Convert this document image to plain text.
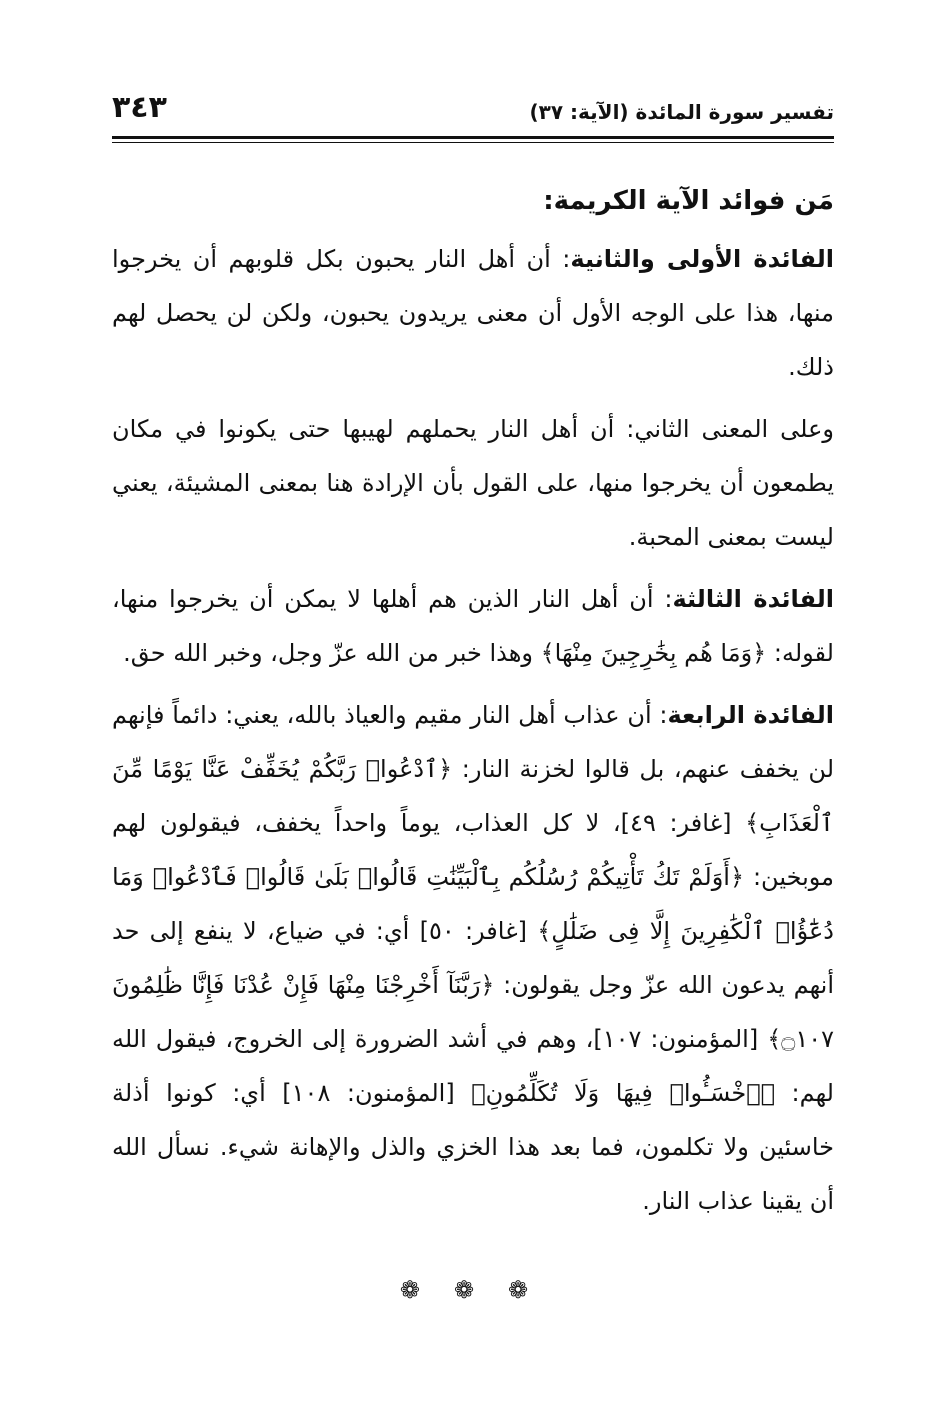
تفسير سورة المائدة (الآية: ٣٧)
٣٤٣
مَن فوائد الآية الكريمة:

الفائدة الأولى والثانية: أن أهل النار يحبون بكل قلوبهم أن يخرجوا منها، هذا على الوجه الأول أن معنى يريدون يحبون، ولكن لن يحصل لهم ذلك.

وعلى المعنى الثاني: أن أهل النار يحملهم لهيبها حتى يكونوا في مكان يطمعون أن يخرجوا منها، على القول بأن الإرادة هنا بمعنى المشيئة، يعني ليست بمعنى المحبة.

الفائدة الثالثة: أن أهل النار الذين هم أهلها لا يمكن أن يخرجوا منها، لقوله: ﴿وَمَا هُم بِخَٰرِجِينَ مِنْهَا﴾ وهذا خبر من الله عزّ وجل، وخبر الله حق.

الفائدة الرابعة: أن عذاب أهل النار مقيم والعياذ بالله، يعني: دائماً فإنهم لن يخفف عنهم، بل قالوا لخزنة النار: ﴿ٱدْعُوا۟ رَبَّكُمْ يُخَفِّفْ عَنَّا يَوْمًا مِّنَ ٱلْعَذَابِ﴾ [غافر: ٤٩]، لا كل العذاب، يوماً واحداً يخفف، فيقولون لهم موبخين: ﴿أَوَلَمْ تَكُ تَأْتِيكُمْ رُسُلُكُم بِٱلْبَيِّنَٰتِ قَالُوا۟ بَلَىٰ قَالُوا۟ فَٱدْعُوا۟ وَمَا دُعَٰٓؤُا۟ ٱلْكَٰفِرِينَ إِلَّا فِى ضَلَٰلٍ﴾ [غافر: ٥٠] أي: في ضياع، لا ينفع إلى حد أنهم يدعون الله عزّ وجل يقولون: ﴿رَبَّنَآ أَخْرِجْنَا مِنْهَا فَإِنْ عُدْنَا فَإِنَّا ظَٰلِمُونَ ۝١٠٧﴾ [المؤمنون: ١٠٧]، وهم في أشد الضرورة إلى الخروج، فيقول الله لهم: ﴿ٱخْسَـُٔوا۟ فِيهَا وَلَا تُكَلِّمُونِ﴾ [المؤمنون: ١٠٨] أي: كونوا أذلة خاسئين ولا تكلمون، فما بعد هذا الخزي والذل والإهانة شيء. نسأل الله أن يقينا عذاب النار.

❁ ❁ ❁
